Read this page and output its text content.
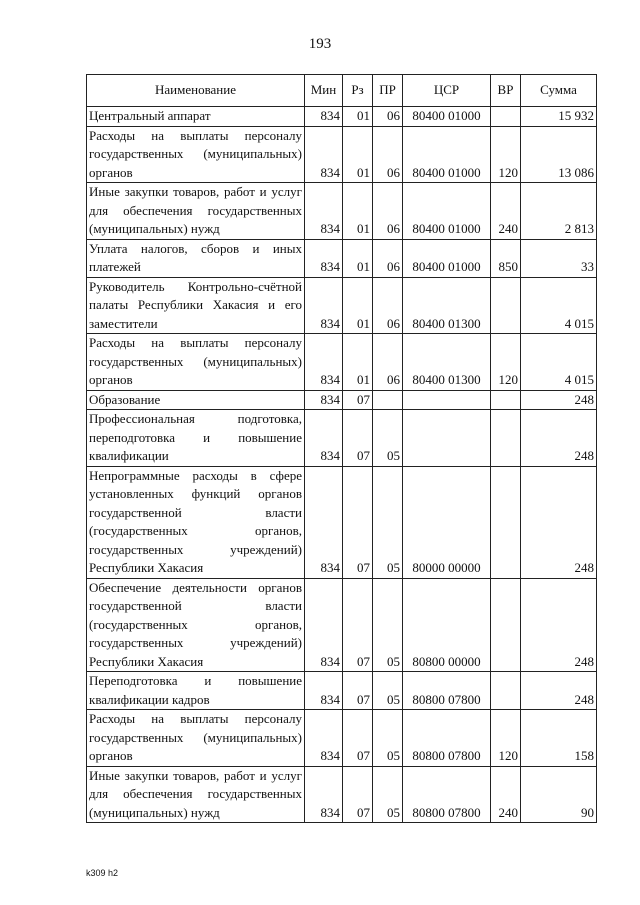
193
Наименование	Мин	Рз	ПР	ЦСР	ВР	Сумма
Центральный аппарат	834	01	06	80400 01000		15 932
Расходы на выплаты персоналу государственных (муниципальных) органов	834	01	06	80400 01000	120	13 086
Иные закупки товаров, работ и услуг для обеспечения государственных (муниципальных) нужд	834	01	06	80400 01000	240	2 813
Уплата налогов, сборов и иных платежей	834	01	06	80400 01000	850	33
Руководитель Контрольно-счётной палаты Республики Хакасия и его заместители	834	01	06	80400 01300		4 015
Расходы на выплаты персоналу государственных (муниципальных) органов	834	01	06	80400 01300	120	4 015
Образование	834	07				248
Профессиональная подготовка, переподготовка и повышение квалификации	834	07	05			248
Непрограммные расходы в сфере установленных функций органов государственной власти (государственных органов, государственных учреждений) Республики Хакасия	834	07	05	80000 00000		248
Обеспечение деятельности органов государственной власти (государственных органов, государственных учреждений) Республики Хакасия	834	07	05	80800 00000		248
Переподготовка и повышение квалификации кадров	834	07	05	80800 07800		248
Расходы на выплаты персоналу государственных (муниципальных) органов	834	07	05	80800 07800	120	158
Иные закупки товаров, работ и услуг для обеспечения государственных (муниципальных) нужд	834	07	05	80800 07800	240	90
k309 h2
